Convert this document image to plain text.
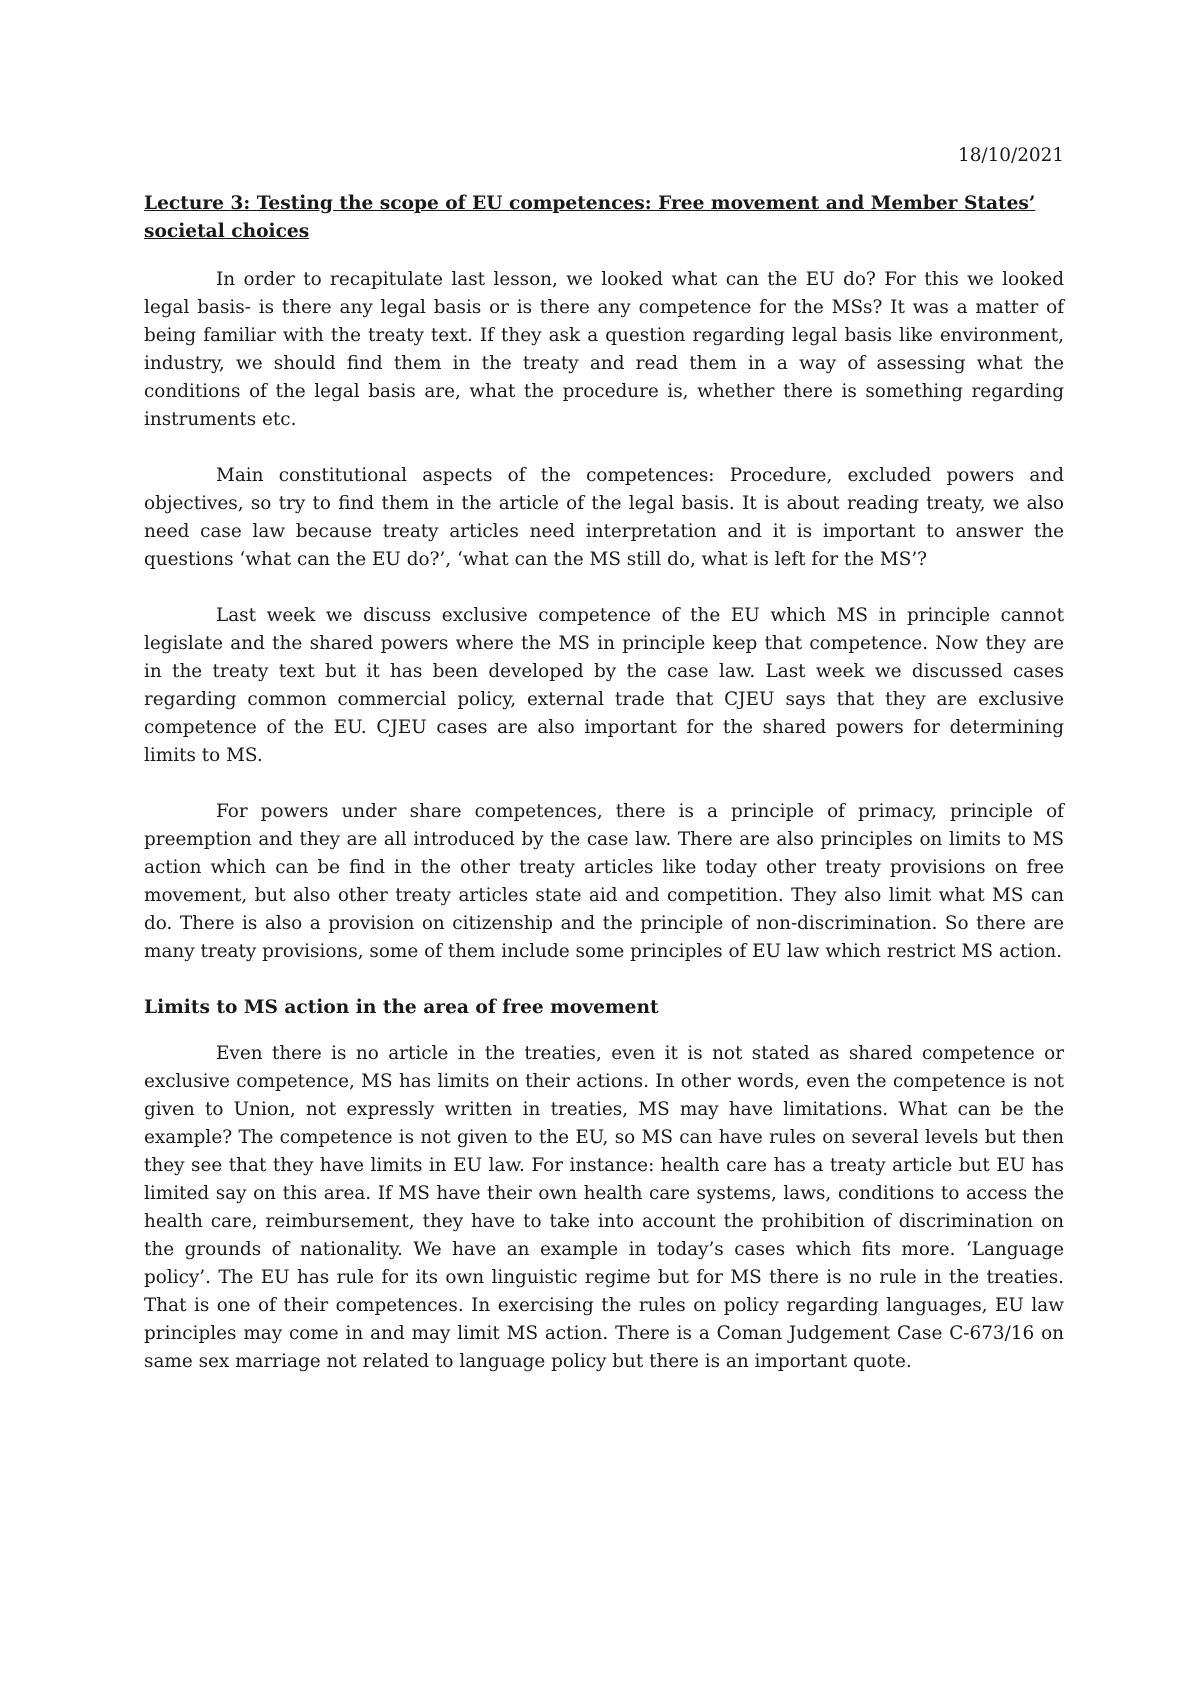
18/10/2021
Lecture 3: Testing the scope of EU competences: Free movement and Member States’ societal choices

In order to recapitulate last lesson, we looked what can the EU do? For this we looked legal basis- is there any legal basis or is there any competence for the MSs? It was a matter of being familiar with the treaty text. If they ask a question regarding legal basis like environment, industry, we should find them in the treaty and read them in a way of assessing what the conditions of the legal basis are, what the procedure is, whether there is something regarding instruments etc.

Main constitutional aspects of the competences: Procedure, excluded powers and objectives, so try to find them in the article of the legal basis. It is about reading treaty, we also need case law because treaty articles need interpretation and it is important to answer the questions ‘what can the EU do?’, ‘what can the MS still do, what is left for the MS’?

Last week we discuss exclusive competence of the EU which MS in principle cannot legislate and the shared powers where the MS in principle keep that competence. Now they are in the treaty text but it has been developed by the case law. Last week we discussed cases regarding common commercial policy, external trade that CJEU says that they are exclusive competence of the EU. CJEU cases are also important for the shared powers for determining limits to MS.

For powers under share competences, there is a principle of primacy, principle of preemption and they are all introduced by the case law. There are also principles on limits to MS action which can be find in the other treaty articles like today other treaty provisions on free movement, but also other treaty articles state aid and competition. They also limit what MS can do. There is also a provision on citizenship and the principle of non-discrimination. So there are many treaty provisions, some of them include some principles of EU law which restrict MS action.

Limits to MS action in the area of free movement

Even there is no article in the treaties, even it is not stated as shared competence or exclusive competence, MS has limits on their actions. In other words, even the competence is not given to Union, not expressly written in treaties, MS may have limitations. What can be the example? The competence is not given to the EU, so MS can have rules on several levels but then they see that they have limits in EU law. For instance: health care has a treaty article but EU has limited say on this area. If MS have their own health care systems, laws, conditions to access the health care, reimbursement, they have to take into account the prohibition of discrimination on the grounds of nationality. We have an example in today’s cases which fits more. ‘Language policy’. The EU has rule for its own linguistic regime but for MS there is no rule in the treaties. That is one of their competences. In exercising the rules on policy regarding languages, EU law principles may come in and may limit MS action. There is a Coman Judgement Case C-673/16 on same sex marriage not related to language policy but there is an important quote.
